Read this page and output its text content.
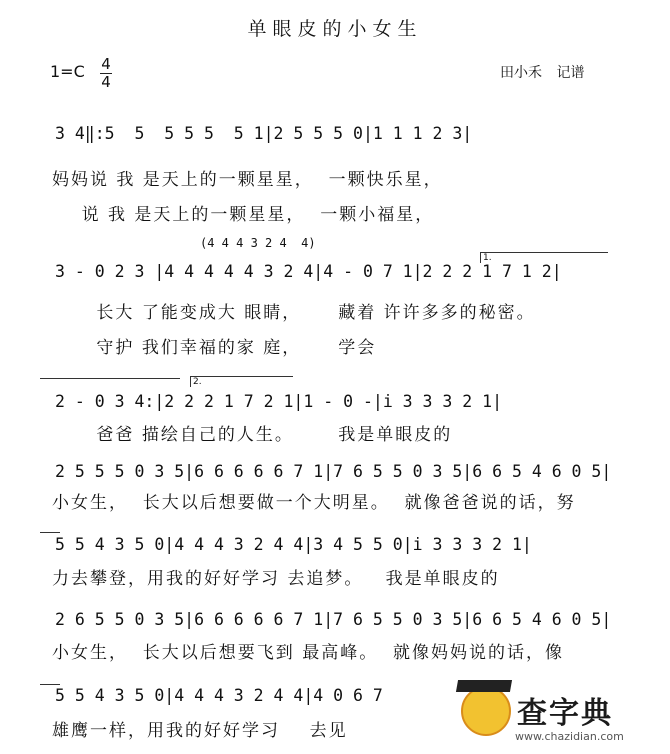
单眼皮的小女生
1=C 4
4	田小禾 记谱
3 4‖:5  5  5 5 5  5 1|2 5 5 5 0|1 1 1 2 3|
妈妈说 我 是天上的一颗星星，  一颗快乐星，
说 我 是天上的一颗星星，  一颗小福星，
(4 4 4 3 2 4  4)
1.
3 - 0 2 3 |4 4 4 4 4 3 2 4|4 - 0 7 1|2 2 2 1 7 1 2|
长大 了能变成大 眼睛，     藏着 许许多多的秘密。
守护 我们幸福的家 庭，     学会
2.
2 - 0 3 4:|2 2 2 1 7 2 1|1 - 0 -|i 3 3 3 2 1|
爸爸 描绘自己的人生。      我是单眼皮的
2 5 5 5 0 3 5|6 6 6 6 6 7 1|7 6 5 5 0 3 5|6 6 5 4 6 0 5|
小女生，  长大以后想要做一个大明星。  就像爸爸说的话，努
5 5 4 3 5 0|4 4 4 3 2 4 4|3 4 5 5 0|i 3 3 3 2 1|
力去攀登，用我的好好学习 去追梦。   我是单眼皮的
2 6 5 5 0 3 5|6 6 6 6 6 7 1|7 6 5 5 0 3 5|6 6 5 4 6 0 5|
小女生，  长大以后想要飞到 最高峰。  就像妈妈说的话，像
5 5 4 3 5 0|4 4 4 3 2 4 4|4 0 6 7
雄鹰一样，用我的好好学习    去见	查字典
www.chazidian.com
